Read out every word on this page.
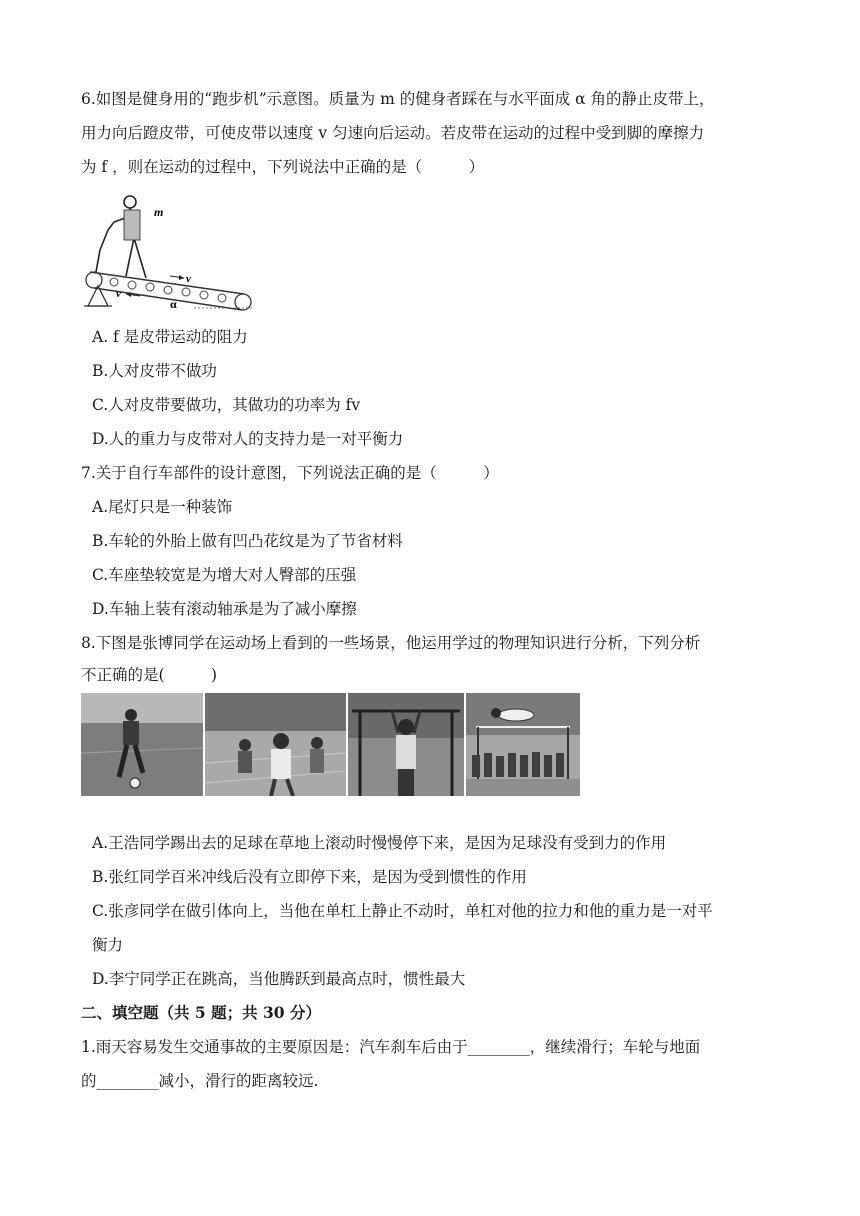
6.如图是健身用的“跑步机”示意图。质量为 m 的健身者踩在与水平面成 α 角的静止皮带上，
用力向后蹬皮带，可使皮带以速度 v 匀速向后运动。若皮带在运动的过程中受到脚的摩擦力
为 f ，则在运动的过程中，下列说法中正确的是（　　　）
m
v
v
α
A. f 是皮带运动的阻力
B.人对皮带不做功
C.人对皮带要做功，其做功的功率为 fv
D.人的重力与皮带对人的支持力是一对平衡力
7.关于自行车部件的设计意图，下列说法正确的是（　　　）
A.尾灯只是一种装饰
B.车轮的外胎上做有凹凸花纹是为了节省材料
C.车座垫较宽是为增大对人臀部的压强
D.车轴上装有滚动轴承是为了减小摩擦
8.下图是张博同学在运动场上看到的一些场景，他运用学过的物理知识进行分析，下列分析
不正确的是(　　　)
A.王浩同学踢出去的足球在草地上滚动时慢慢停下来，是因为足球没有受到力的作用
B.张红同学百米冲线后没有立即停下来，是因为受到惯性的作用
C.张彦同学在做引体向上，当他在单杠上静止不动时，单杠对他的拉力和他的重力是一对平
衡力
D.李宁同学正在跳高，当他腾跃到最高点时，惯性最大
二、填空题（共 5 题；共 30 分）
1.雨天容易发生交通事故的主要原因是：汽车刹车后由于________，继续滑行；车轮与地面
的________减小，滑行的距离较远.
